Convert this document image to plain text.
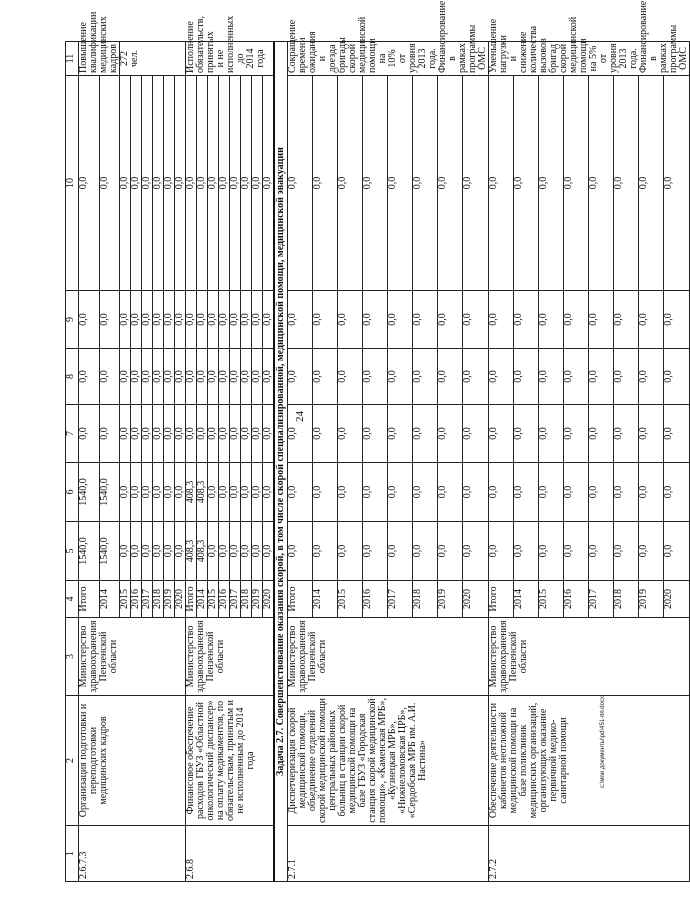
24
c:\мои документы\pd\451-пп.docx
1	2	3	4	5	6	7	8	9	10	11	
2.6.7.3	Организация подготовки и переподготовки медицинских кадров	Министерство здравоохранения Пензенской области	Итого	1540,0	1540,0	0,0	0,0	0,0	0,0	Повышение квалификации медицинских кадров	
			2014	1540,0	1540,0	0,0	0,0	0,0	0,0		
			2015	0,0	0,0	0,0	0,0	0,0	0,0	272 чел.	
			2016	0,0	0,0	0,0	0,0	0,0	0,0		
			2017	0,0	0,0	0,0	0,0	0,0	0,0		
			2018	0,0	0,0	0,0	0,0	0,0	0,0		
			2019	0,0	0,0	0,0	0,0	0,0	0,0		
			2020	0,0	0,0	0,0	0,0	0,0	0,0		
2.6.8	Финансовое обеспечение расходов ГБУЗ «Областной онкологический диспансер» на оплату медикаментов, по обязательствам, принятым и не исполненным до 2014 года	Министерство здравоохранения Пензенской области	Итого	408,3	408,3	0,0	0,0	0,0	0,0	Исполнение обязательств, принятых и не исполненных до 2014 года	
			2014	408,3	408,3	0,0	0,0	0,0	0,0		
			2015	0,0	0,0	0,0	0,0	0,0	0,0		
			2016	0,0	0,0	0,0	0,0	0,0	0,0		
			2017	0,0	0,0	0,0	0,0	0,0	0,0		
			2018	0,0	0,0	0,0	0,0	0,0	0,0		
			2019	0,0	0,0	0,0	0,0	0,0	0,0		
			2020	0,0	0,0	0,0	0,0	0,0	0,0		
Задача 2.7. Совершенствование оказания скорой, в том числе скорой специализированной, медицинской помощи, медицинской эвакуации											
2.7.1	Диспетчеризация скорой медицинской помощи, объединение отделений скорой медицинской помощи центральных районных больниц в станции скорой медицинской помощи на базе ГБУЗ «Городская станция скорой медицинской помощи», «Каменская МРБ», «Кузнецкая МРБ», «Нижнеломовская ЦРБ», «Сердобская МРБ им. А.И. Настина»	Министерство здравоохранения Пензенской области	Итого	0,0	0,0	0,0	0,0	0,0	0,0	Сокращение времени ожидания и доезда бригады скорой медицинской помощи на 10% от уровня 2013 года. Финансирование в рамках программы ОМС	
			2014	0,0	0,0	0,0	0,0	0,0	0,0		
			2015	0,0	0,0	0,0	0,0	0,0	0,0		
			2016	0,0	0,0	0,0	0,0	0,0	0,0		
			2017	0,0	0,0	0,0	0,0	0,0	0,0		
			2018	0,0	0,0	0,0	0,0	0,0	0,0		
			2019	0,0	0,0	0,0	0,0	0,0	0,0		
			2020	0,0	0,0	0,0	0,0	0,0	0,0		
2.7.2	Обеспечение деятельности кабинетов неотложной медицинской помощи на базе поликлиник медицинских организаций, организующих оказание первичной медико-санитарной помощи	Министерство здравоохранения Пензенской области	Итого	0,0	0,0	0,0	0,0	0,0	0,0	Уменьшение нагрузки и снижение количества вызовов бригад скорой медицинской помощи на 5% от уровня 2013 года. Финансирование в рамках программы ОМС	
			2014	0,0	0,0	0,0	0,0	0,0	0,0		
			2015	0,0	0,0	0,0	0,0	0,0	0,0		
			2016	0,0	0,0	0,0	0,0	0,0	0,0		
			2017	0,0	0,0	0,0	0,0	0,0	0,0		
			2018	0,0	0,0	0,0	0,0	0,0	0,0		
			2019	0,0	0,0	0,0	0,0	0,0	0,0		
			2020	0,0	0,0	0,0	0,0	0,0	0,0		
